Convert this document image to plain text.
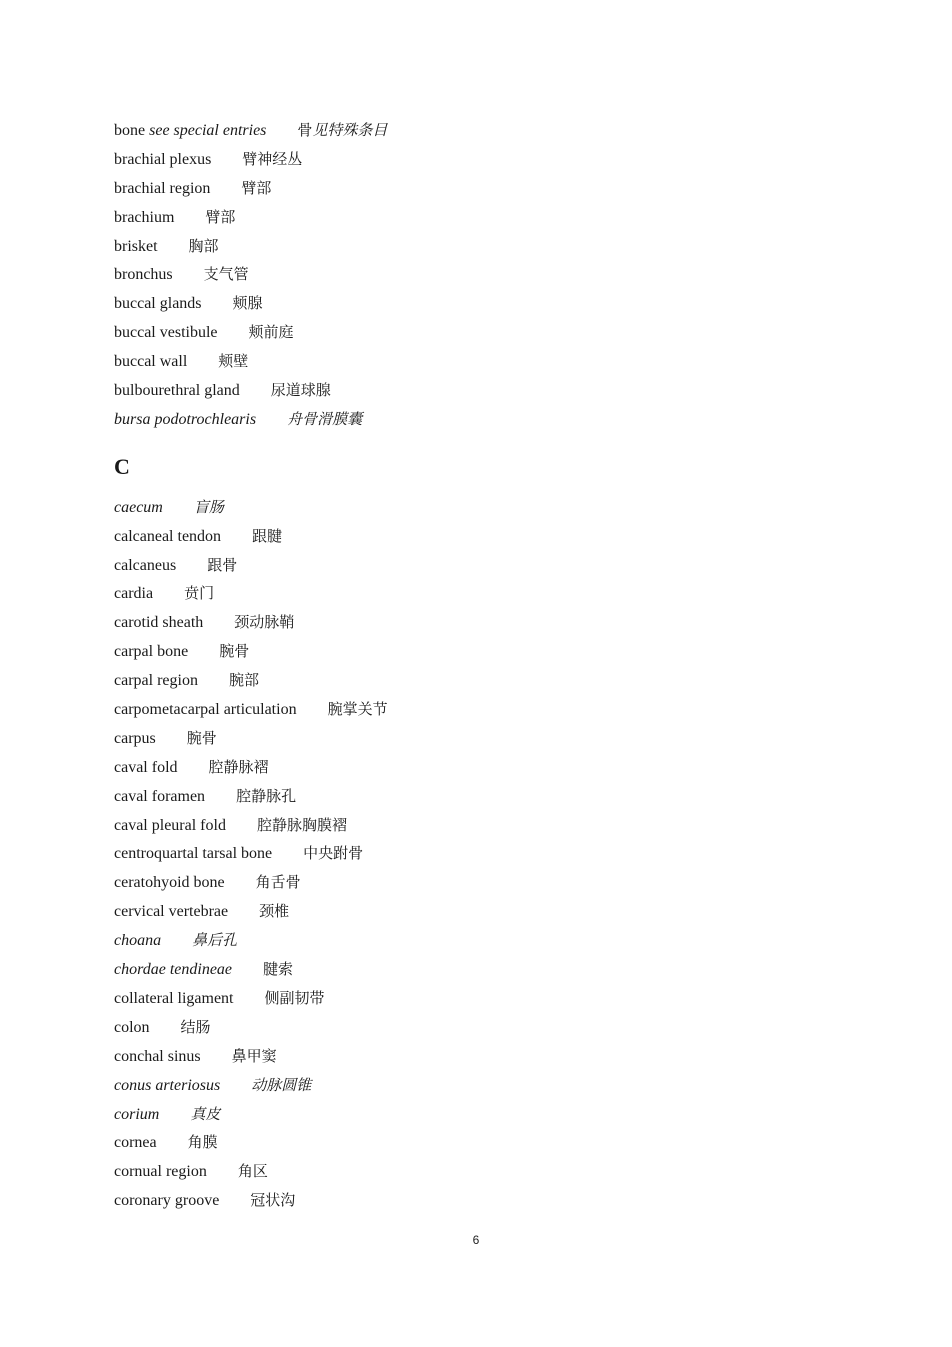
bone see special entries 骨见特殊条目
brachial plexus 臂神经丛
brachial region 臂部
brachium 臂部
brisket 胸部
bronchus 支气管
buccal glands 颊腺
buccal vestibule 颊前庭
buccal wall 颊壁
bulbourethral gland 尿道球腺
bursa podotrochlearis 舟骨滑膜囊
C
caecum 盲肠
calcaneal tendon 跟腱
calcaneus 跟骨
cardia 贲门
carotid sheath 颈动脉鞘
carpal bone 腕骨
carpal region 腕部
carpometacarpal articulation 腕掌关节
carpus 腕骨
caval fold 腔静脉褶
caval foramen 腔静脉孔
caval pleural fold 腔静脉胸膜褶
centroquartal tarsal bone 中央跗骨
ceratohyoid bone 角舌骨
cervical vertebrae 颈椎
choana 鼻后孔
chordae tendineae 腱索
collateral ligament 侧副韧带
colon 结肠
conchal sinus 鼻甲窦
conus arteriosus 动脉圆锥
corium 真皮
cornea 角膜
cornual region 角区
coronary groove 冠状沟
6
